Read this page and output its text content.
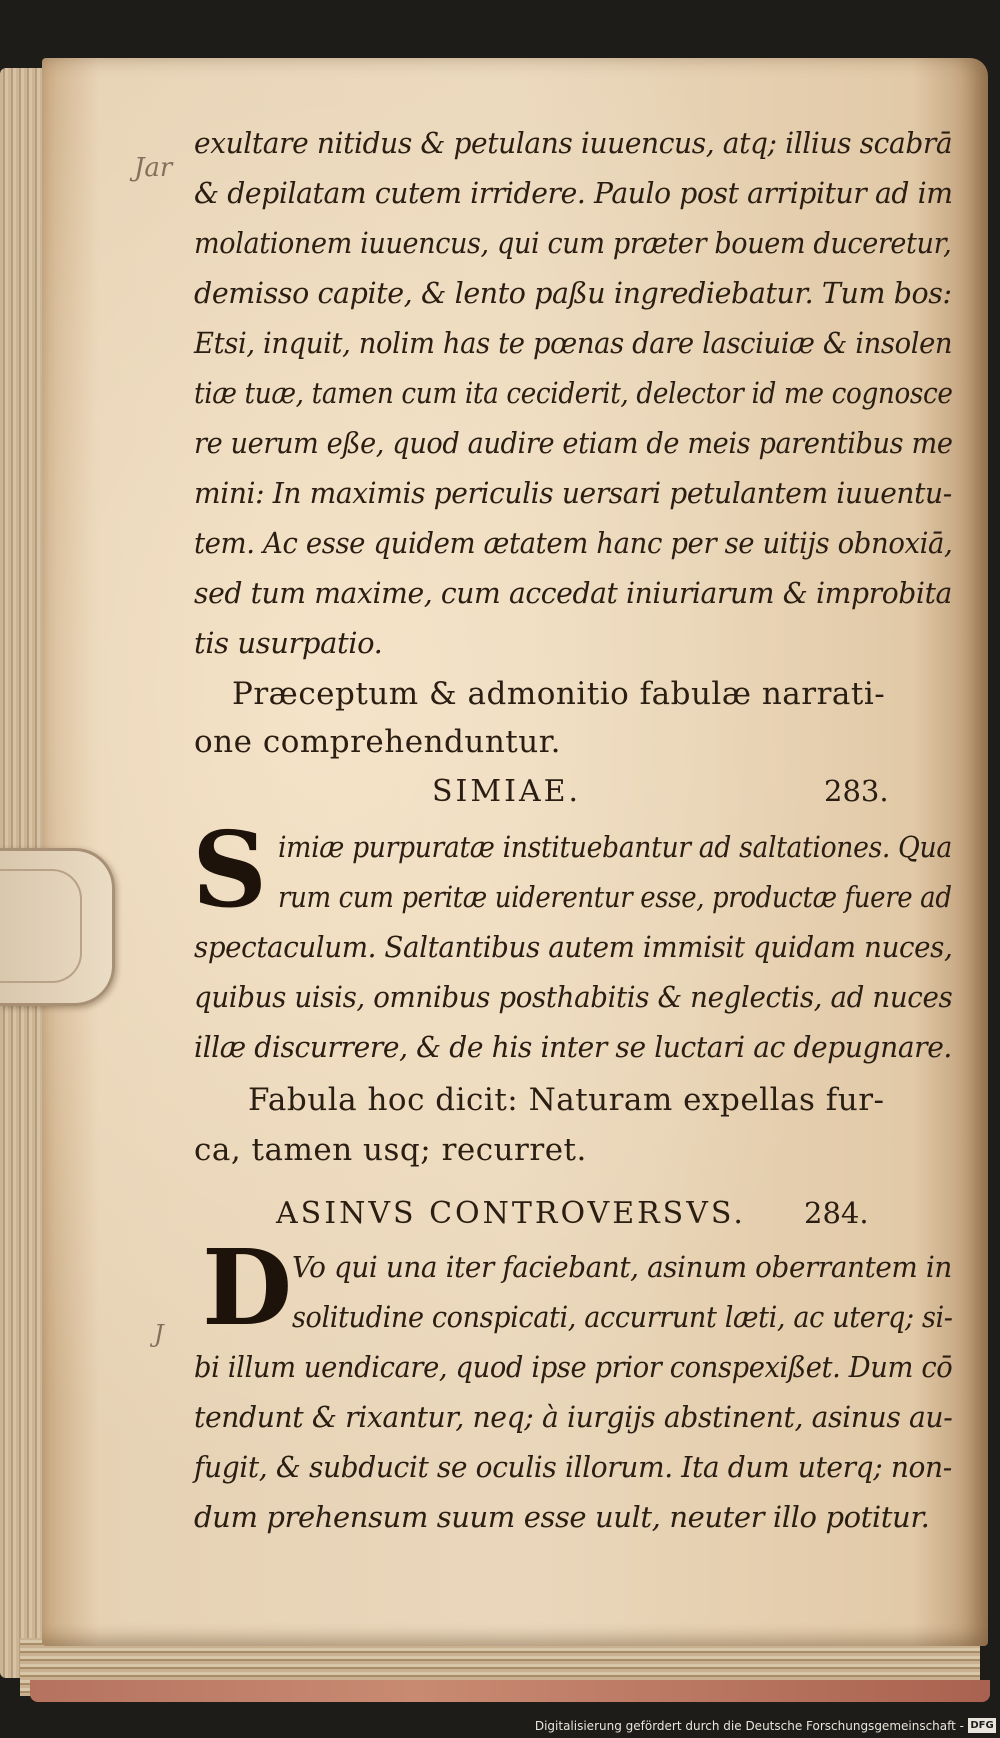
Jar
J
exultare nitidus & petulans iuuencus, atq; illius scabrā
& depilatam cutem irridere. Paulo post arripitur ad im
molationem iuuencus, qui cum præter bouem duceretur,
demisso capite, & lento paßu ingrediebatur. Tum bos:
Etsi, inquit, nolim has te pœnas dare lasciuiæ & insolen
tiæ tuæ, tamen cum ita ceciderit, delector id me cognosce
re uerum eße, quod audire etiam de meis parentibus me
mini: In maximis periculis uersari petulantem iuuentu-
tem. Ac esse quidem ætatem hanc per se uitijs obnoxiā,
sed tum maxime, cum accedat iniuriarum & improbita
tis usurpatio.
Præceptum & admonitio fabulæ narrati-
one comprehenduntur.
SIMIAE.	283.
S imiæ purpuratæ instituebantur ad saltationes. Qua
rum cum peritæ uiderentur esse, productæ fuere ad
spectaculum. Saltantibus autem immisit quidam nuces,
quibus uisis, omnibus posthabitis & neglectis, ad nuces
illæ discurrere, & de his inter se luctari ac depugnare.
Fabula hoc dicit: Naturam expellas fur-
ca, tamen usq; recurret.
ASINVS CONTROVERSVS. 284.
D Vo qui una iter faciebant, asinum oberrantem in
solitudine conspicati, accurrunt læti, ac uterq; si-
bi illum uendicare, quod ipse prior conspexißet. Dum cō
tendunt & rixantur, neq; à iurgijs abstinent, asinus au-
fugit, & subducit se oculis illorum. Ita dum uterq; non-
dum prehensum suum esse uult, neuter illo potitur.
Digitalisierung gefördert durch die Deutsche Forschungsgemeinschaft - DFG
